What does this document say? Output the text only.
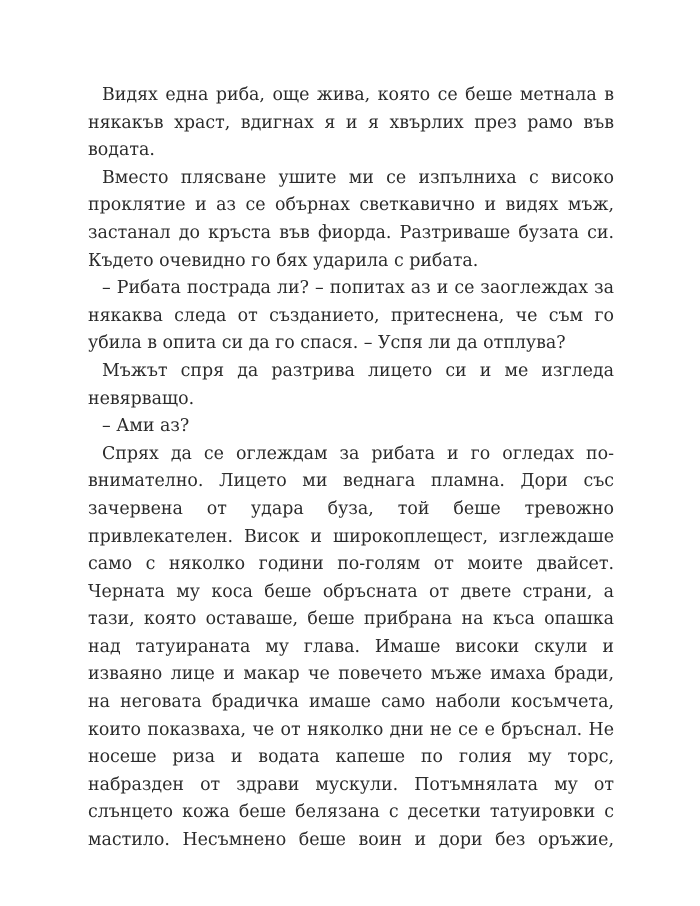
Видях една риба, още жива, която се беше метнала в някакъв храст, вдигнах я и я хвърлих през рамо във водата.

Вместо плясване ушите ми се изпълниха с високо проклятие и аз се обърнах светкавично и видях мъж, застанал до кръста във фиорда. Разтриваше бузата си. Където очевидно го бях ударила с рибата.

– Рибата пострада ли? – попитах аз и се заоглеждах за някаква следа от създанието, притеснена, че съм го убила в опита си да го спася. – Успя ли да отплува?

Мъжът спря да разтрива лицето си и ме изгледа невярващо.

– Ами аз?

Спрях да се оглеждам за рибата и го огледах по-внимателно. Лицето ми веднага пламна. Дори със зачервена от удара буза, той беше тревожно привлекателен. Висок и широкоплещест, изглеждаше само с няколко години по-голям от моите двайсет. Черната му коса беше обръсната от двете страни, а тази, която оставаше, беше прибрана на къса опашка над татуираната му глава. Имаше високи скули и изваяно лице и макар че повечето мъже имаха бради, на неговата брадичка имаше само наболи косъмчета, които показваха, че от няколко дни не се е бръснал. Не носеше риза и водата капеше по голия му торс, набразден от здрави мускули. Потъмнялата му от слънцето кожа беше белязана с десетки татуировки с мастило. Несъмнено беше воин и дори без оръжие,
